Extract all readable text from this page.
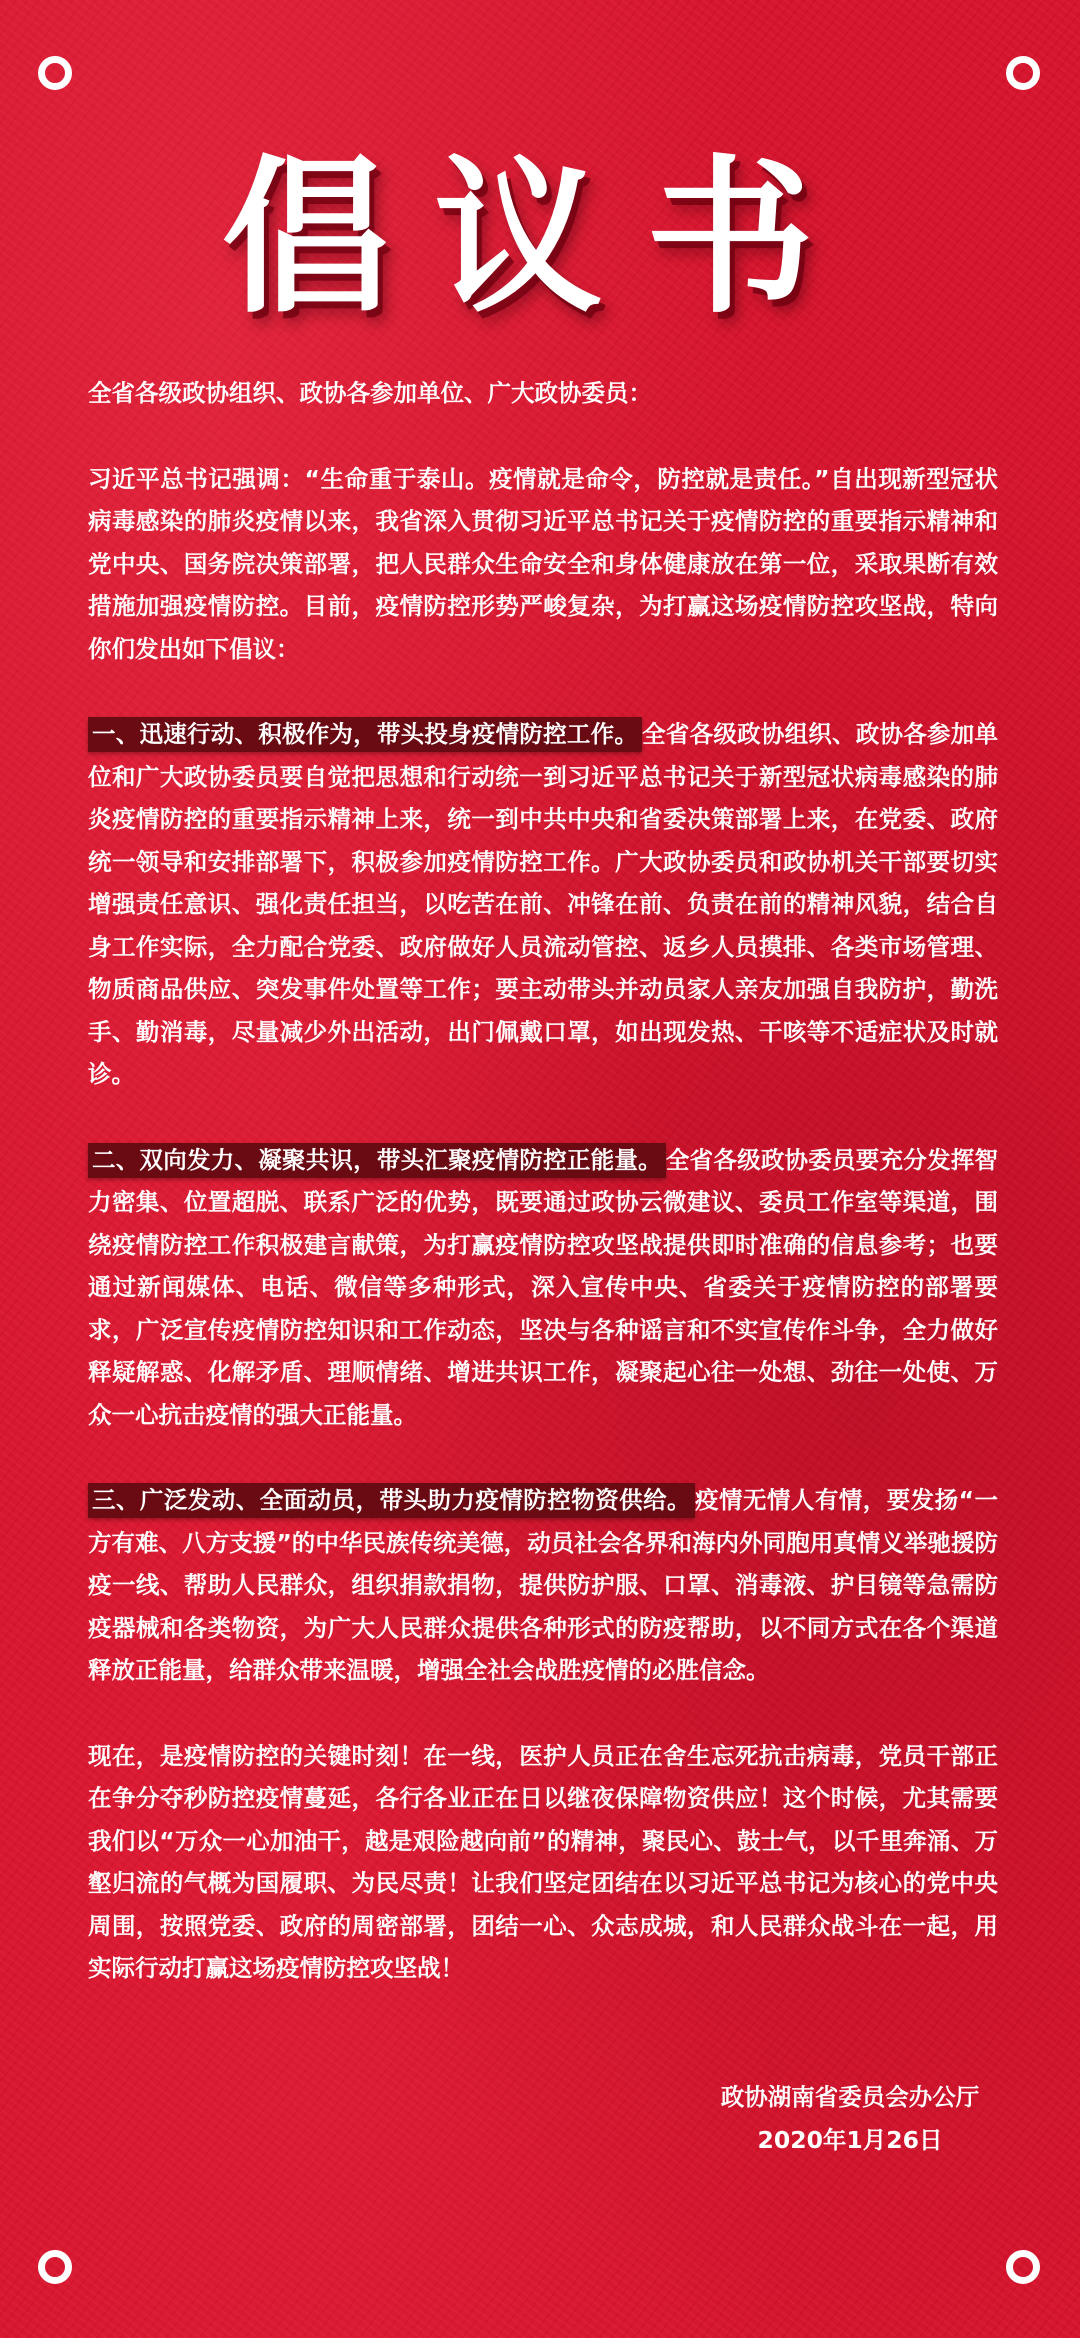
倡议书

全省各级政协组织、政协各参加单位、广大政协委员：

习近平总书记强调：“生命重于泰山。疫情就是命令，防控就是责任。”自出现新型冠状病毒感染的肺炎疫情以来，我省深入贯彻习近平总书记关于疫情防控的重要指示精神和党中央、国务院决策部署，把人民群众生命安全和身体健康放在第一位，采取果断有效措施加强疫情防控。目前，疫情防控形势严峻复杂，为打赢这场疫情防控攻坚战，特向你们发出如下倡议：

一、迅速行动、积极作为，带头投身疫情防控工作。 全省各级政协组织、政协各参加单位和广大政协委员要自觉把思想和行动统一到习近平总书记关于新型冠状病毒感染的肺炎疫情防控的重要指示精神上来，统一到中共中央和省委决策部署上来，在党委、政府统一领导和安排部署下，积极参加疫情防控工作。广大政协委员和政协机关干部要切实增强责任意识、强化责任担当，以吃苦在前、冲锋在前、负责在前的精神风貌，结合自身工作实际，全力配合党委、政府做好人员流动管控、返乡人员摸排、各类市场管理、物质商品供应、突发事件处置等工作；要主动带头并动员家人亲友加强自我防护，勤洗手、勤消毒，尽量减少外出活动，出门佩戴口罩，如出现发热、干咳等不适症状及时就诊。

二、双向发力、凝聚共识，带头汇聚疫情防控正能量。 全省各级政协委员要充分发挥智力密集、位置超脱、联系广泛的优势，既要通过政协云微建议、委员工作室等渠道，围绕疫情防控工作积极建言献策，为打赢疫情防控攻坚战提供即时准确的信息参考；也要通过新闻媒体、电话、微信等多种形式，深入宣传中央、省委关于疫情防控的部署要求，广泛宣传疫情防控知识和工作动态，坚决与各种谣言和不实宣传作斗争，全力做好释疑解惑、化解矛盾、理顺情绪、增进共识工作，凝聚起心往一处想、劲往一处使、万众一心抗击疫情的强大正能量。

三、广泛发动、全面动员，带头助力疫情防控物资供给。 疫情无情人有情，要发扬“一方有难、八方支援”的中华民族传统美德，动员社会各界和海内外同胞用真情义举驰援防疫一线、帮助人民群众，组织捐款捐物，提供防护服、口罩、消毒液、护目镜等急需防疫器械和各类物资，为广大人民群众提供各种形式的防疫帮助，以不同方式在各个渠道释放正能量，给群众带来温暖，增强全社会战胜疫情的必胜信念。

现在，是疫情防控的关键时刻！在一线，医护人员正在舍生忘死抗击病毒，党员干部正在争分夺秒防控疫情蔓延，各行各业正在日以继夜保障物资供应！这个时候，尤其需要我们以“万众一心加油干，越是艰险越向前”的精神，聚民心、鼓士气，以千里奔涌、万壑归流的气概为国履职、为民尽责！让我们坚定团结在以习近平总书记为核心的党中央周围，按照党委、政府的周密部署，团结一心、众志成城，和人民群众战斗在一起，用实际行动打赢这场疫情防控攻坚战！

政协湖南省委员会办公厅
2020年1月26日
